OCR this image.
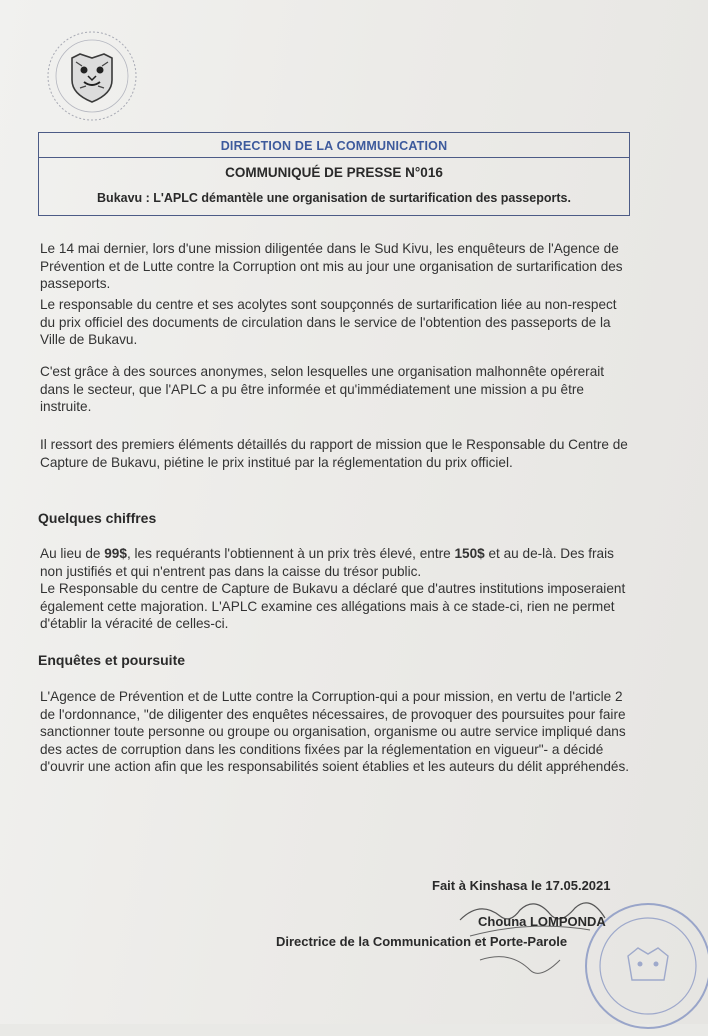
DIRECTION DE LA COMMUNICATION
COMMUNIQUÉ DE PRESSE N°016
Bukavu : L'APLC démantèle une organisation de surtarification des passeports.
Le 14 mai dernier, lors d'une mission diligentée dans le Sud Kivu, les enquêteurs de l'Agence de Prévention et de Lutte contre la Corruption ont mis au jour une organisation de surtarification des passeports.
Le responsable du centre et ses acolytes sont soupçonnés de surtarification liée au non-respect du prix officiel des documents de circulation dans le service de l'obtention des passeports de la Ville de Bukavu.
C'est grâce à des sources anonymes, selon lesquelles une organisation malhonnête opérerait dans le secteur, que l'APLC a pu être informée et qu'immédiatement une mission a pu être instruite.
Il ressort des premiers éléments détaillés du rapport de mission que le Responsable du Centre de Capture de Bukavu, piétine le prix institué par la réglementation du prix officiel.
Quelques chiffres
Au lieu de 99$, les requérants l'obtiennent à un prix très élevé, entre 150$ et au de-là. Des frais non justifiés et qui n'entrent pas dans la caisse du trésor public.
Le Responsable du centre de Capture de Bukavu a déclaré que d'autres institutions imposeraient également cette majoration. L'APLC examine ces allégations mais à ce stade-ci, rien ne permet d'établir la véracité de celles-ci.
Enquêtes et poursuite
L'Agence de Prévention et de Lutte contre la Corruption-qui a pour mission, en vertu de l'article 2 de l'ordonnance, "de diligenter des enquêtes nécessaires, de provoquer des poursuites pour faire sanctionner toute personne ou groupe ou organisation, organisme ou autre service impliqué dans des actes de corruption dans les conditions fixées par la réglementation en vigueur"- a décidé d'ouvrir une action afin que les responsabilités soient établies et les auteurs du délit appréhendés.
Fait à Kinshasa le 17.05.2021
Chouna LOMPONDA
Directrice de la Communication et Porte-Parole
